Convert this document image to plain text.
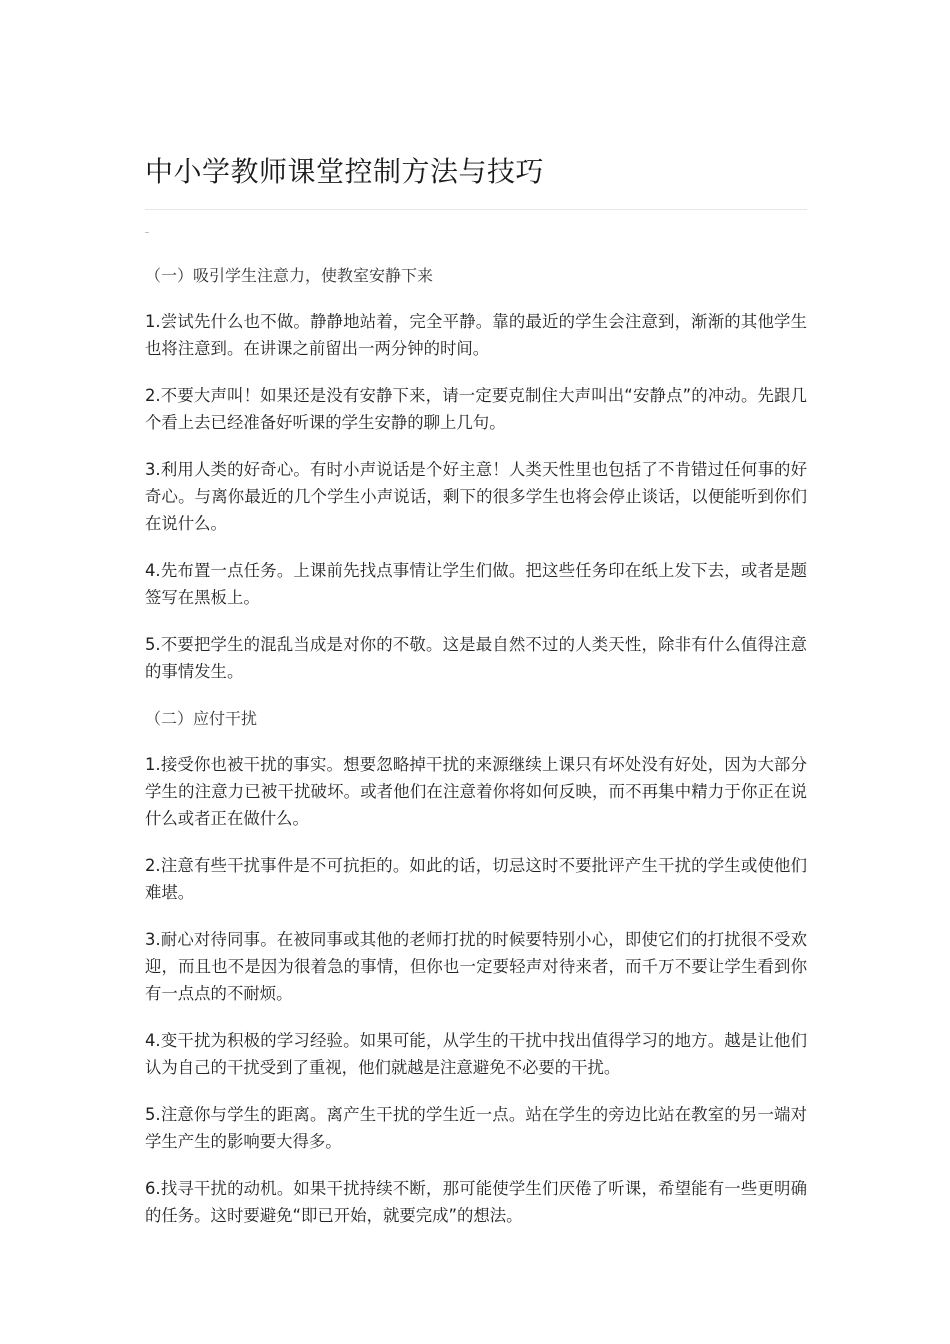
中小学教师课堂控制方法与技巧
（一）吸引学生注意力，使教室安静下来

1.尝试先什么也不做。静静地站着，完全平静。靠的最近的学生会注意到，渐渐的其他学生也将注意到。在讲课之前留出一两分钟的时间。

2.不要大声叫！如果还是没有安静下来，请一定要克制住大声叫出“安静点”的冲动。先跟几个看上去已经准备好听课的学生安静的聊上几句。

3.利用人类的好奇心。有时小声说话是个好主意！人类天性里也包括了不肯错过任何事的好奇心。与离你最近的几个学生小声说话，剩下的很多学生也将会停止谈话，以便能听到你们在说什么。

4.先布置一点任务。上课前先找点事情让学生们做。把这些任务印在纸上发下去，或者是题签写在黑板上。

5.不要把学生的混乱当成是对你的不敬。这是最自然不过的人类天性，除非有什么值得注意的事情发生。

（二）应付干扰

1.接受你也被干扰的事实。想要忽略掉干扰的来源继续上课只有坏处没有好处，因为大部分学生的注意力已被干扰破坏。或者他们在注意着你将如何反映，而不再集中精力于你正在说什么或者正在做什么。

2.注意有些干扰事件是不可抗拒的。如此的话，切忌这时不要批评产生干扰的学生或使他们难堪。

3.耐心对待同事。在被同事或其他的老师打扰的时候要特别小心，即使它们的打扰很不受欢迎，而且也不是因为很着急的事情，但你也一定要轻声对待来者，而千万不要让学生看到你有一点点的不耐烦。

4.变干扰为积极的学习经验。如果可能，从学生的干扰中找出值得学习的地方。越是让他们认为自己的干扰受到了重视，他们就越是注意避免不必要的干扰。

5.注意你与学生的距离。离产生干扰的学生近一点。站在学生的旁边比站在教室的另一端对学生产生的影响要大得多。

6.找寻干扰的动机。如果干扰持续不断，那可能使学生们厌倦了听课，希望能有一些更明确的任务。这时要避免“即已开始，就要完成”的想法。
